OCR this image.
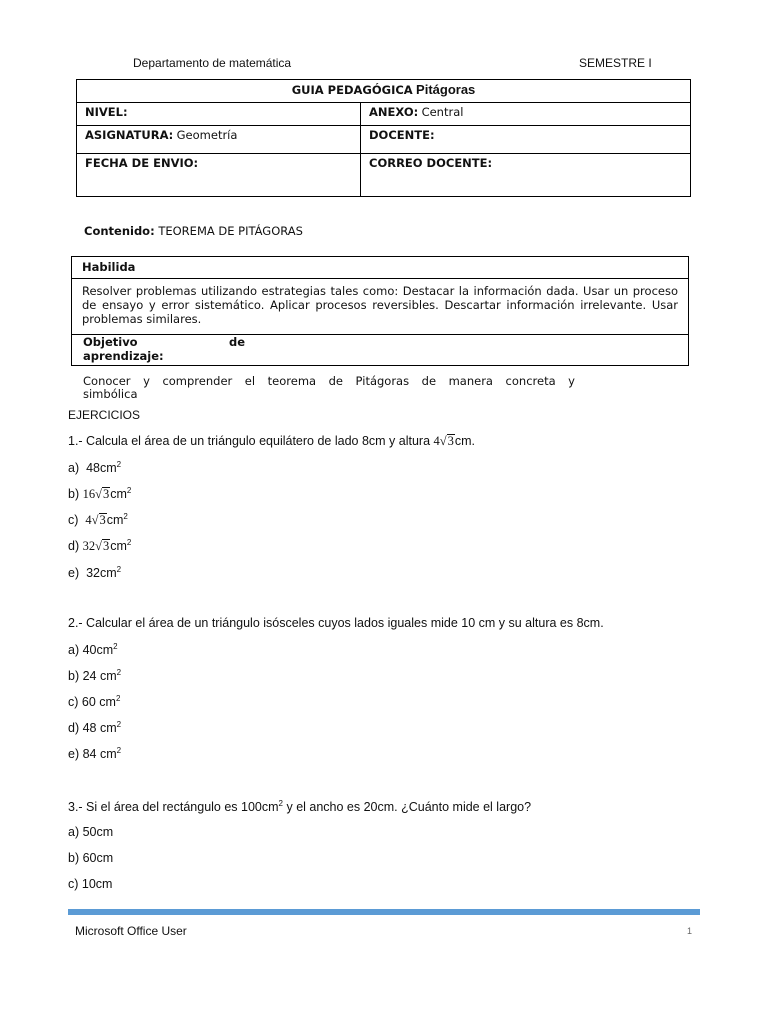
Departamento de matemática	SEMESTRE I
GUIA PEDAGÓGICA Pitágoras	
NIVEL:	ANEXO: Central
ASIGNATURA: Geometría	DOCENTE:
FECHA DE ENVIO:	CORREO DOCENTE:
Contenido: TEOREMA DE PITÁGORAS
Habilida
Resolver problemas utilizando estrategias tales como: Destacar la información dada. Usar un proceso de ensayo y error sistemático. Aplicar procesos reversibles. Descartar información irrelevante. Usar problemas similares.
Objetivo	de
aprendizaje:
Conocer y comprender el teorema de Pitágoras de manera concreta y
simbólica
EJERCICIOS
1.- Calcula el área de un triángulo equilátero de lado 8cm y altura 4√3cm.
a) $48cm^2$
b) $16√3cm^2$
c) $4√3cm^2$
d) $32√3cm^2$
e) $32cm^2$
2.- Calcular el área de un triángulo isósceles cuyos lados iguales mide 10 cm y su altura es 8cm.
a) $40cm^2$
b) 24 $cm^2$
c) 60 $cm^2$
d) 48 $cm^2$
e) 84 $cm^2$
3.- Si el área del rectángulo es $100cm^2$ y el ancho es 20cm. ¿Cuánto mide el largo?
a) 50cm
b) 60cm
c) 10cm
Microsoft Office User	1
